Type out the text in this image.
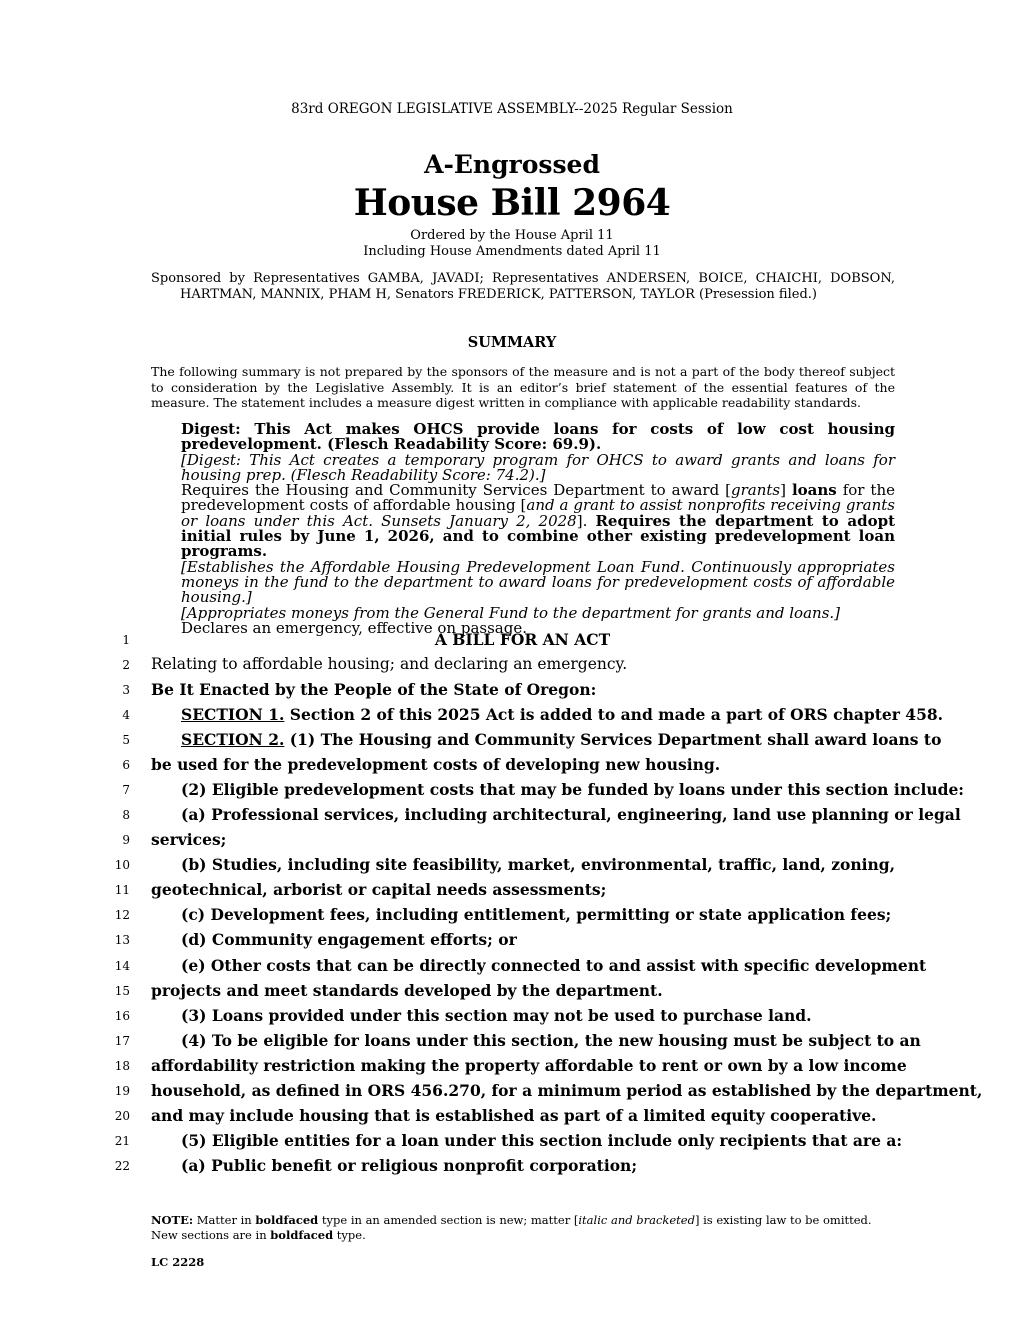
83rd OREGON LEGISLATIVE ASSEMBLY--2025 Regular Session
A-Engrossed
House Bill 2964
Ordered by the House April 11
Including House Amendments dated April 11
Sponsored by Representatives GAMBA, JAVADI; Representatives ANDERSEN, BOICE, CHAICHI, DOBSON,
HARTMAN, MANNIX, PHAM H, Senators FREDERICK, PATTERSON, TAYLOR (Presession filed.)
SUMMARY
The following summary is not prepared by the sponsors of the measure and is not a part of the body thereof subject to consideration by the Legislative Assembly. It is an editor’s brief statement of the essential features of the measure. The statement includes a measure digest written in compliance with applicable readability standards.
Digest: This Act makes OHCS provide loans for costs of low cost housing predevelopment. (Flesch Readability Score: 69.9).
[Digest: This Act creates a temporary program for OHCS to award grants and loans for housing prep. (Flesch Readability Score: 74.2).]
Requires the Housing and Community Services Department to award [grants] loans for the predevelopment costs of affordable housing [and a grant to assist nonprofits receiving grants or loans under this Act. Sunsets January 2, 2028]. Requires the department to adopt initial rules by June 1, 2026, and to combine other existing predevelopment loan programs.
[Establishes the Affordable Housing Predevelopment Loan Fund. Continuously appropriates moneys in the fund to the department to award loans for predevelopment costs of affordable housing.]
[Appropriates moneys from the General Fund to the department for grants and loans.]
Declares an emergency, effective on passage.
1
2
3
4
5
6
7
8
9
10
11
12
13
14
15
16
17
18
19
20
21
22
A BILL FOR AN ACT
Relating to affordable housing; and declaring an emergency.
Be It Enacted by the People of the State of Oregon:
SECTION 1. Section 2 of this 2025 Act is added to and made a part of ORS chapter 458.
SECTION 2. (1) The Housing and Community Services Department shall award loans to
be used for the predevelopment costs of developing new housing.
(2) Eligible predevelopment costs that may be funded by loans under this section include:
(a) Professional services, including architectural, engineering, land use planning or legal
services;
(b) Studies, including site feasibility, market, environmental, traffic, land, zoning,
geotechnical, arborist or capital needs assessments;
(c) Development fees, including entitlement, permitting or state application fees;
(d) Community engagement efforts; or
(e) Other costs that can be directly connected to and assist with specific development
projects and meet standards developed by the department.
(3) Loans provided under this section may not be used to purchase land.
(4) To be eligible for loans under this section, the new housing must be subject to an
affordability restriction making the property affordable to rent or own by a low income
household, as defined in ORS 456.270, for a minimum period as established by the department,
and may include housing that is established as part of a limited equity cooperative.
(5) Eligible entities for a loan under this section include only recipients that are a:
(a) Public benefit or religious nonprofit corporation;
NOTE: Matter in boldfaced type in an amended section is new; matter [italic and bracketed] is existing law to be omitted.
New sections are in boldfaced type.
LC 2228
